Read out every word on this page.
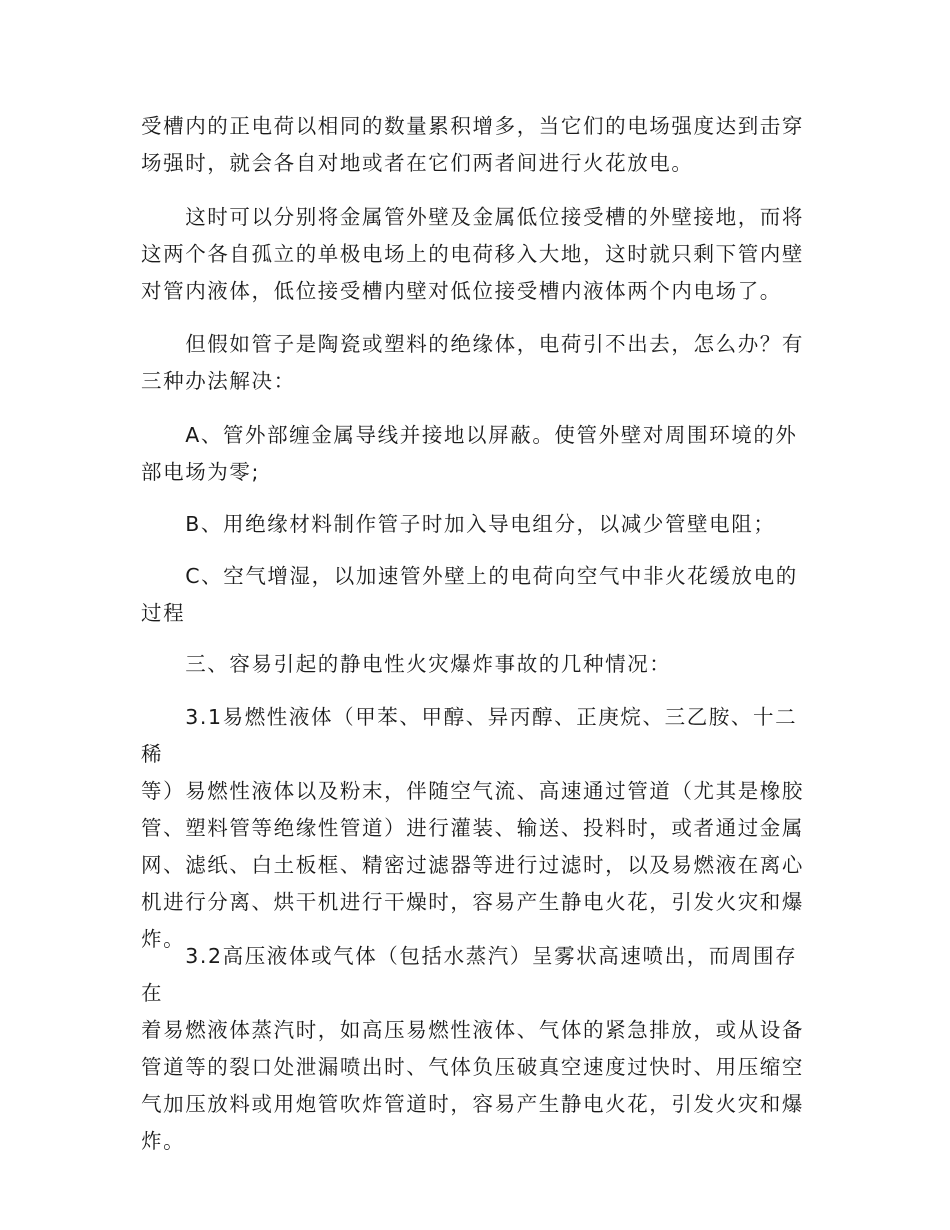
受槽内的正电荷以相同的数量累积增多，当它们的电场强度达到击穿
场强时，就会各自对地或者在它们两者间进行火花放电。

　　这时可以分别将金属管外壁及金属低位接受槽的外壁接地，而将
这两个各自孤立的单极电场上的电荷移入大地，这时就只剩下管内壁
对管内液体，低位接受槽内壁对低位接受槽内液体两个内电场了。

　　但假如管子是陶瓷或塑料的绝缘体，电荷引不出去，怎么办？有
三种办法解决：

　　A、管外部缠金属导线并接地以屏蔽。使管外壁对周围环境的外
部电场为零;

　　B、用绝缘材料制作管子时加入导电组分，以减少管壁电阻；

　　C、空气增湿，以加速管外壁上的电荷向空气中非火花缓放电的
过程

　　三、容易引起的静电性火灾爆炸事故的几种情况：

　　3.1易燃性液体（甲苯、甲醇、异丙醇、正庚烷、三乙胺、十二稀
等）易燃性液体以及粉末，伴随空气流、高速通过管道（尤其是橡胶
管、塑料管等绝缘性管道）进行灌装、输送、投料时，或者通过金属
网、滤纸、白土板框、精密过滤器等进行过滤时，以及易燃液在离心
机进行分离、烘干机进行干燥时，容易产生静电火花，引发火灾和爆
炸。

　　3.2高压液体或气体（包括水蒸汽）呈雾状高速喷出，而周围存在
着易燃液体蒸汽时，如高压易燃性液体、气体的紧急排放，或从设备
管道等的裂口处泄漏喷出时、气体负压破真空速度过快时、用压缩空
气加压放料或用炮管吹炸管道时，容易产生静电火花，引发火灾和爆
炸。
